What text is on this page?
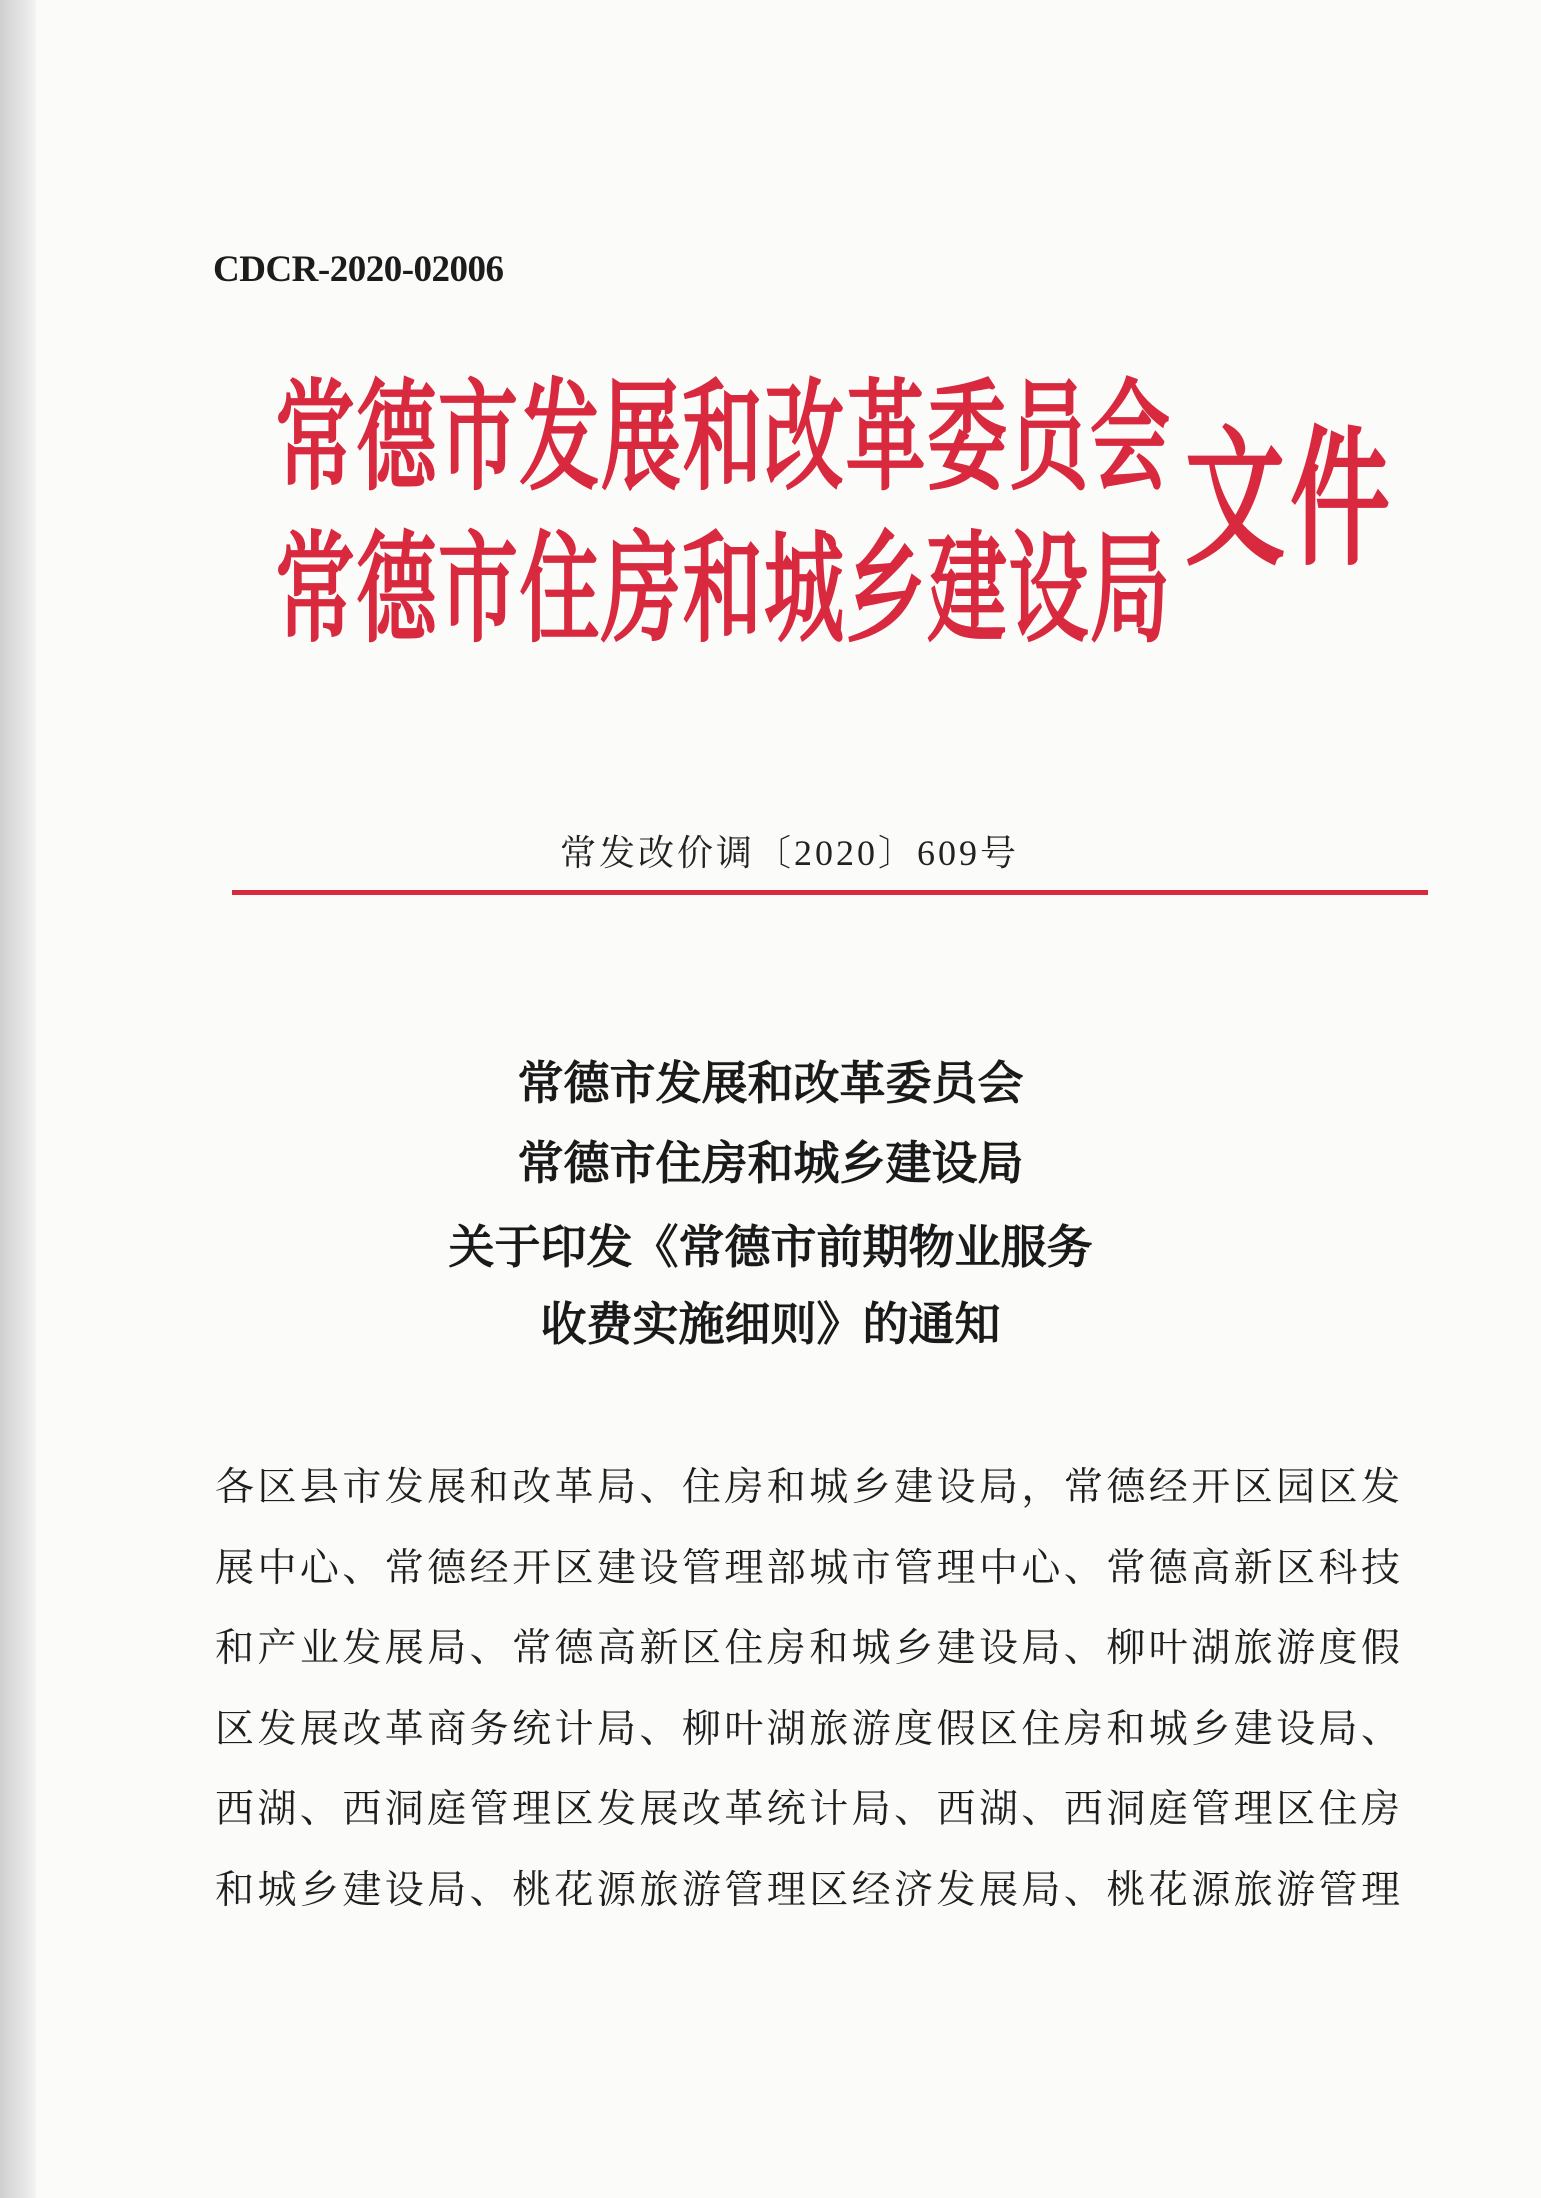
CDCR-2020-02006
常德市发展和改革委员会
常德市住房和城乡建设局
文件
常发改价调〔2020〕609号
常德市发展和改革委员会
常德市住房和城乡建设局
关于印发《常德市前期物业服务
收费实施细则》的通知
各区县市发展和改革局、住房和城乡建设局，常德经开区园区发
展中心、常德经开区建设管理部城市管理中心、常德高新区科技
和产业发展局、常德高新区住房和城乡建设局、柳叶湖旅游度假
区发展改革商务统计局、柳叶湖旅游度假区住房和城乡建设局、
西湖、西洞庭管理区发展改革统计局、西湖、西洞庭管理区住房
和城乡建设局、桃花源旅游管理区经济发展局、桃花源旅游管理
